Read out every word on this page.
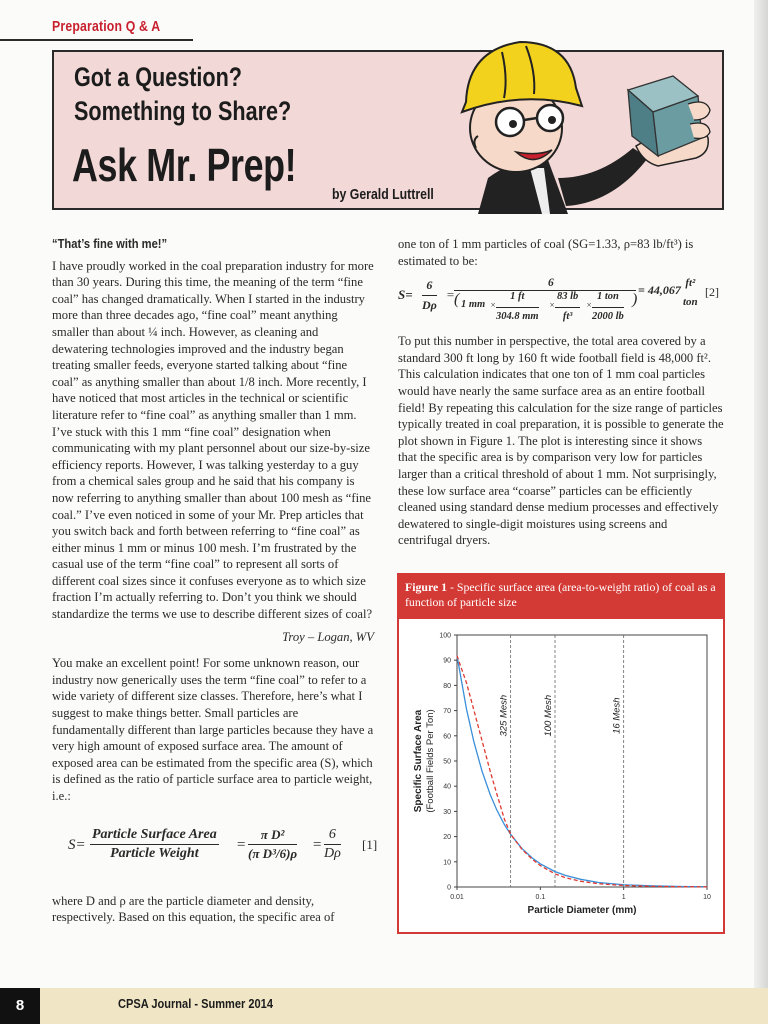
Preparation Q & A
Got a Question?
Something to Share?
Ask Mr. Prep!
by Gerald Luttrell

“That’s fine with me!”

I have proudly worked in the coal preparation industry for more than 30 years. During this time, the meaning of the term “fine coal” has changed dramatically. When I started in the industry more than three decades ago, “fine coal” meant anything smaller than about ¼ inch. However, as cleaning and dewatering technologies improved and the industry began treating smaller feeds, everyone started talking about “fine coal” as anything smaller than about 1/8 inch. More recently, I have noticed that most articles in the technical or scientific literature refer to “fine coal” as anything smaller than 1 mm. I’ve stuck with this 1 mm “fine coal” designation when communicating with my plant personnel about our size-by-size efficiency reports. However, I was talking yesterday to a guy from a chemical sales group and he said that his company is now referring to anything smaller than about 100 mesh as “fine coal.” I’ve even noticed in some of your Mr. Prep articles that you switch back and forth between referring to “fine coal” as either minus 1 mm or minus 100 mesh. I’m frustrated by the casual use of the term “fine coal” to represent all sorts of different coal sizes since it confuses everyone as to which size fraction I’m actually referring to. Don’t you think we should standardize the terms we use to describe different sizes of coal?

Troy – Logan, WV

You make an excellent point! For some unknown reason, our industry now generically uses the term “fine coal” to refer to a wide variety of different size classes. Therefore, here’s what I suggest to make things better. Small particles are fundamentally different than large particles because they have a very high amount of exposed surface area. The amount of exposed area can be estimated from the specific area (S), which is defined as the ratio of particle surface area to particle weight, i.e.:

S=
Particle Surface Area
Particle Weight
= $\frac{\text{π D²}}{\text{(π D³/6)ρ}} = \frac{6}{D\rho} [1]$

where D and ρ are the particle diameter and density, respectively. Based on this equation, the specific area of

one ton of 1 mm particles of coal (SG=1.33, ρ=83 lb/ft³) is estimated to be:

$S= \frac{6}{D\rho}$ =
6
( 1 mm × $\frac{1 ft}{304.8 mm} \times \frac{83 lb}{\text{ft³}}$ ×
1 ton
2000 lb
)
= 44,067 ft²
ton
[2]

To put this number in perspective, the total area covered by a standard 300 ft long by 160 ft wide football field is 48,000 ft². This calculation indicates that one ton of 1 mm coal particles would have nearly the same surface area as an entire football field! By repeating this calculation for the size range of particles typically treated in coal preparation, it is possible to generate the plot shown in Figure 1. The plot is interesting since it shows that the specific area is by comparison very low for particles larger than a critical threshold of about 1 mm. Not surprisingly, these low surface area “coarse” particles can be efficiently cleaned using standard dense medium processes and effectively dewatered to single-digit moistures using screens and centrifugal dryers.

Figure 1 - Specific surface area (area-to-weight ratio) of coal as a function of particle size
0
10
20
30
40
50
60
70
80
90
100
0.01	0.1	1	10
325 Mesh	100 Mesh	16 Mesh
Particle Diameter (mm)
Specific Surface Area (Football Fields Per Ton)
8	CPSA Journal - Summer 2014
